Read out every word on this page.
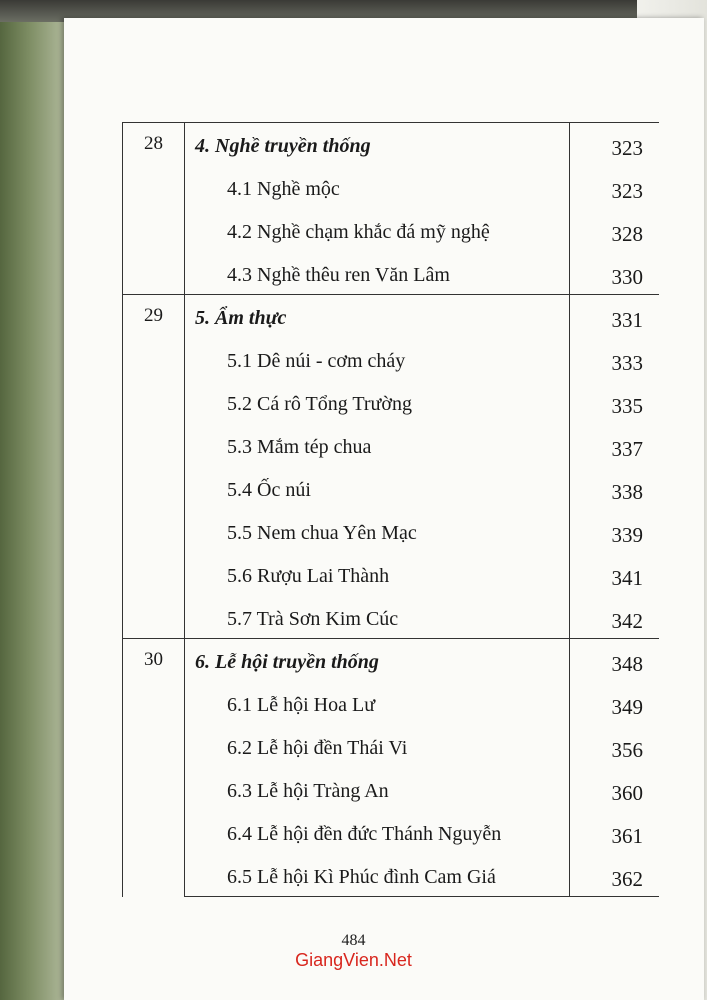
28	4. Nghề truyền thống	323

	4.1 Nghề mộc	323

	4.2 Nghề chạm khắc đá mỹ nghệ	328

	4.3 Nghề thêu ren Văn Lâm	330

29	5. Ẩm thực	331

	5.1 Dê núi - cơm cháy	333

	5.2 Cá rô Tổng Trường	335

	5.3 Mắm tép chua	337

	5.4 Ốc núi	338

	5.5 Nem chua Yên Mạc	339

	5.6 Rượu Lai Thành	341

	5.7 Trà Sơn Kim Cúc	342

30	6. Lễ hội truyền thống	348

	6.1 Lễ hội Hoa Lư	349

	6.2 Lễ hội đền Thái Vi	356

	6.3 Lễ hội Tràng An	360

	6.4 Lễ hội đền đức Thánh Nguyễn	361

	6.5 Lễ hội Kì Phúc đình Cam Giá	362
484
GiangVien.Net
